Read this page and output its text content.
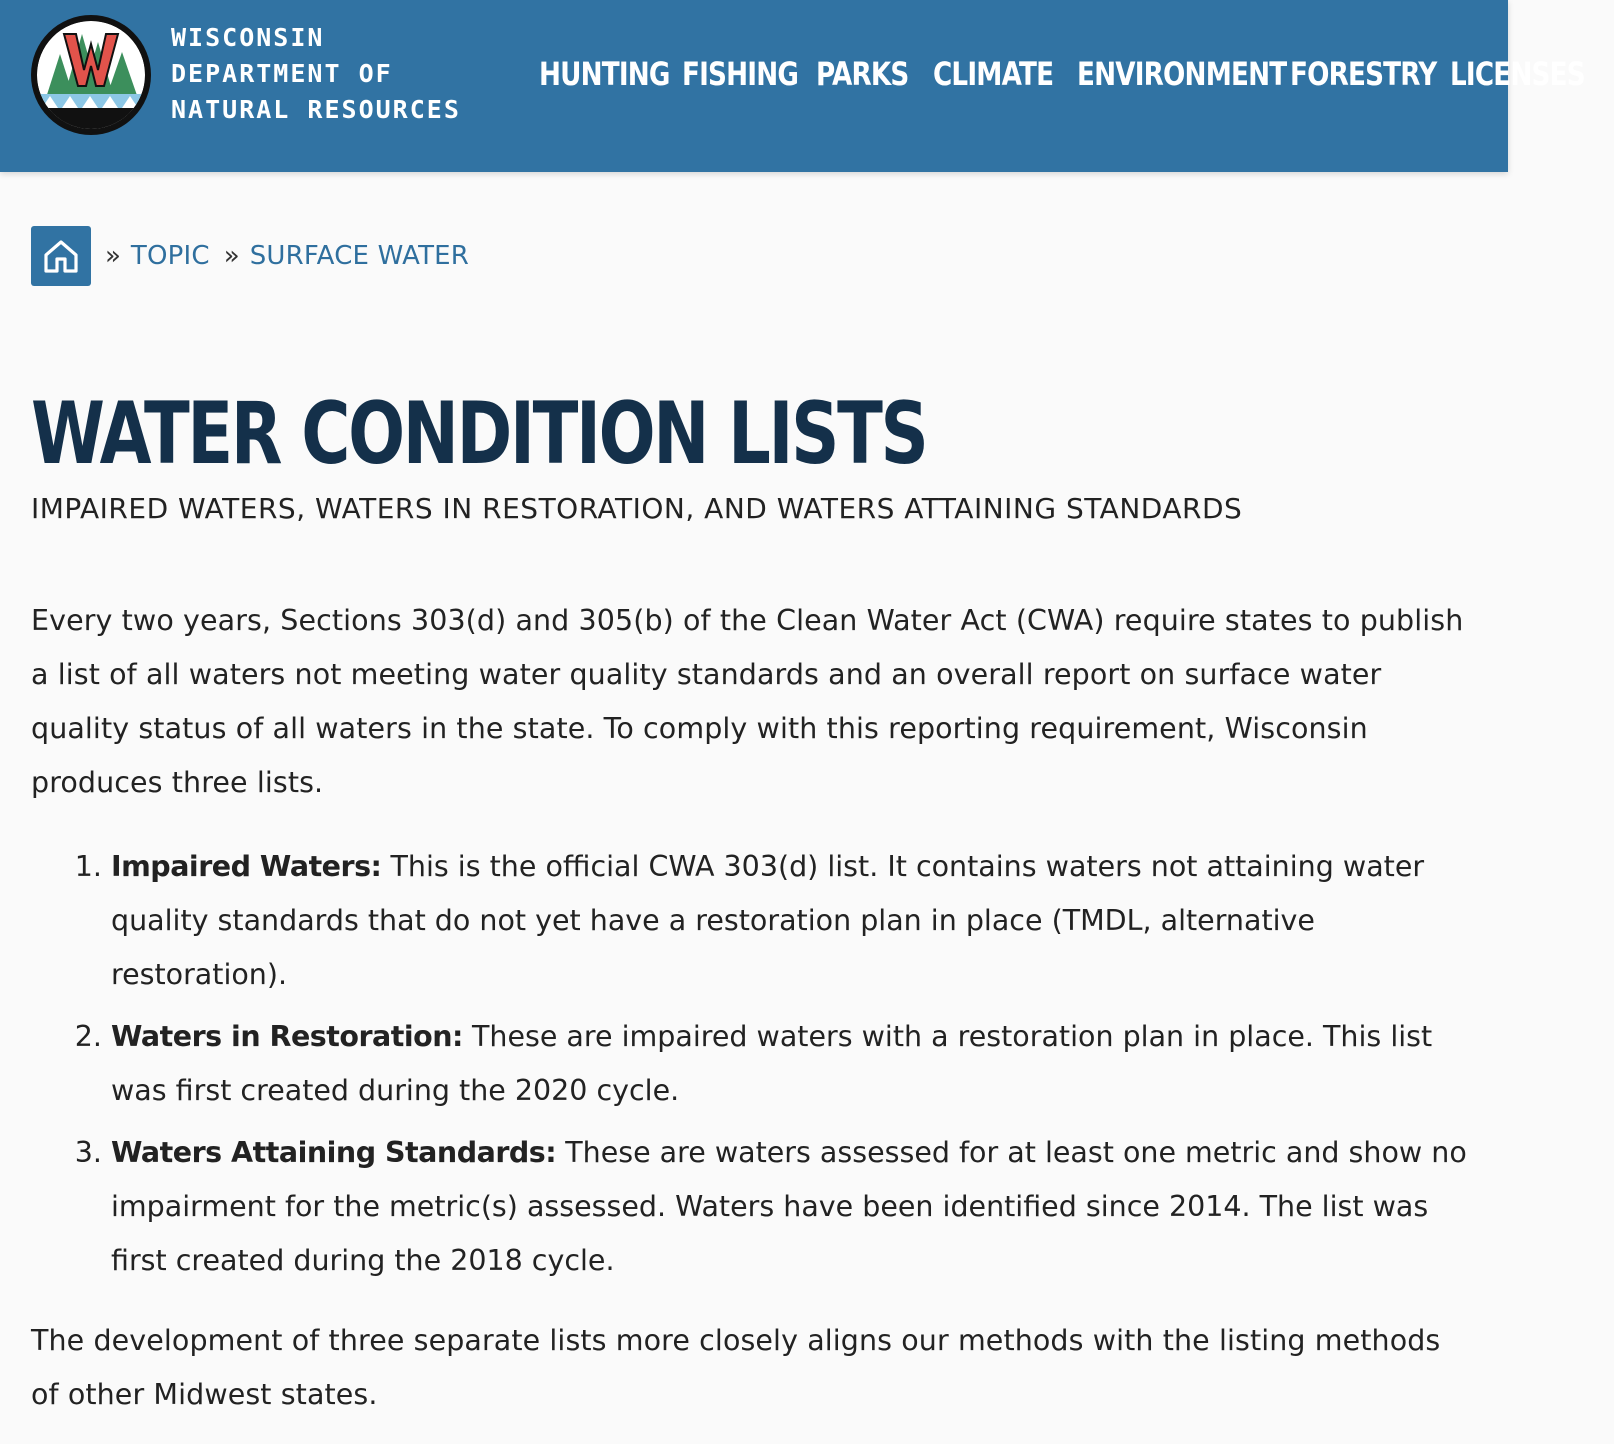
WISCONSIN
DEPARTMENT OF
NATURAL RESOURCES
HUNTING FISHING PARKS CLIMATE ENVIRONMENT FORESTRY LICENSES
» TOPIC » SURFACE WATER
WATER CONDITION LISTS
IMPAIRED WATERS, WATERS IN RESTORATION, AND WATERS ATTAINING STANDARDS

Every two years, Sections 303(d) and 305(b) of the Clean Water Act (CWA) require states to publish a list of all waters not meeting water quality standards and an overall report on surface water quality status of all waters in the state. To comply with this reporting requirement, Wisconsin produces three lists.

1. Impaired Waters: This is the official CWA 303(d) list. It contains waters not attaining water quality standards that do not yet have a restoration plan in place (TMDL, alternative restoration).
2. Waters in Restoration: These are impaired waters with a restoration plan in place. This list was first created during the 2020 cycle.
3. Waters Attaining Standards: These are waters assessed for at least one metric and show no impairment for the metric(s) assessed. Waters have been identified since 2014. The list was first created during the 2018 cycle.

The development of three separate lists more closely aligns our methods with the listing methods of other Midwest states.
